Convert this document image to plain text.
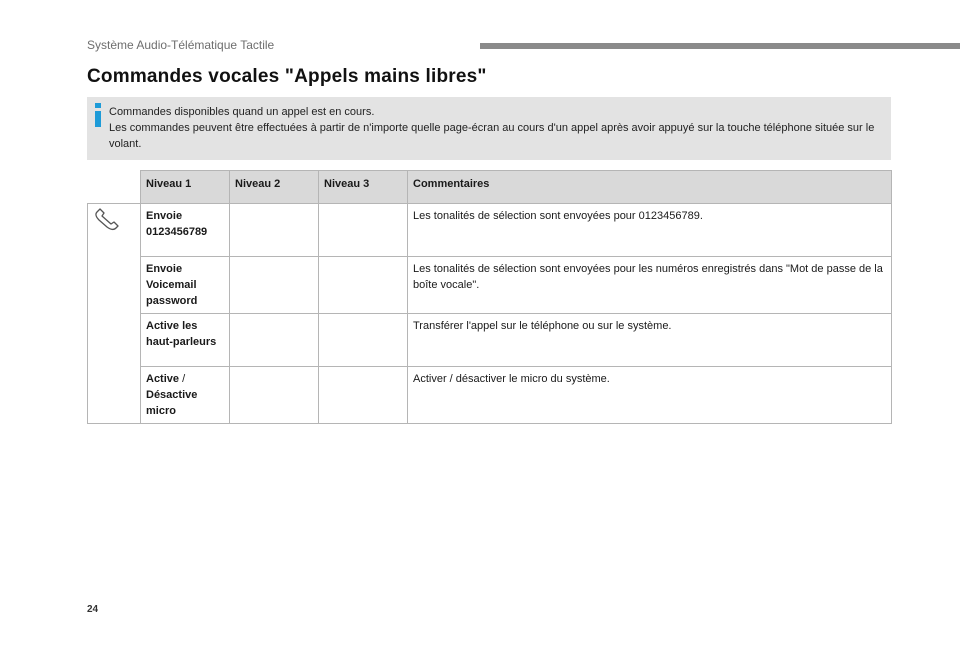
Système Audio-Télématique Tactile
Commandes vocales "Appels mains libres"

Commandes disponibles quand un appel est en cours.

Les commandes peuvent être effectuées à partir de n'importe quelle page-écran au cours d'un appel après avoir appuyé sur la touche téléphone située sur le volant.

	Niveau 1	Niveau 2	Niveau 3	Commentaires
	Envoie 0123456789			Les tonalités de sélection sont envoyées pour 0123456789.
	Envoie Voicemail password			Les tonalités de sélection sont envoyées pour les numéros enregistrés dans "Mot de passe de la boîte vocale".
	Active les haut-parleurs			Transférer l'appel sur le téléphone ou sur le système.
	Active / Désactive micro			Activer / désactiver le micro du système.
24
